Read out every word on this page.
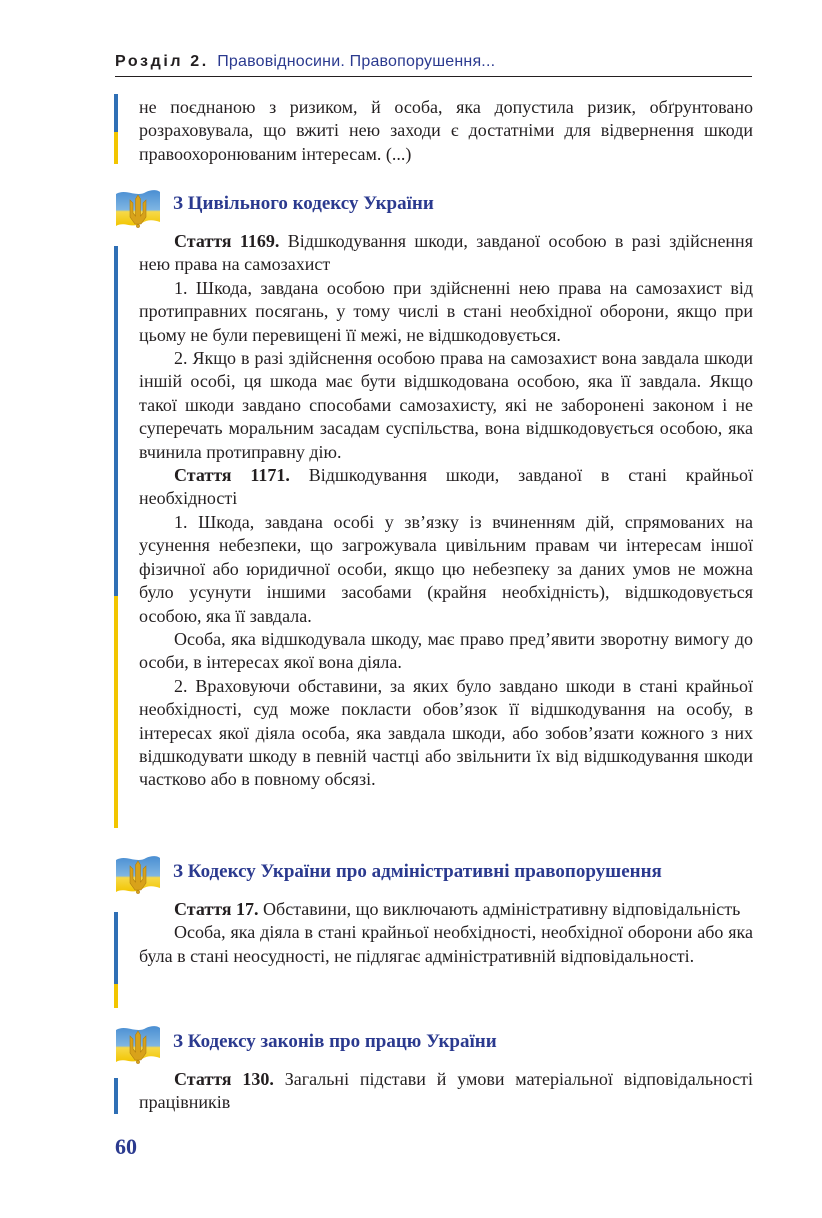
Розділ 2. Правовідносини. Правопорушення...

не поєднаною з ризиком, й особа, яка допустила ризик, обґрунтовано розраховувала, що вжиті нею заходи є достатніми для відвернення шкоди правоохоронюваним інтересам. (...)

З Цивільного кодексу України

Стаття 1169. Відшкодування шкоди, завданої особою в разі здійснення нею права на самозахист

1. Шкода, завдана особою при здійсненні нею права на самозахист від протиправних посягань, у тому числі в стані необхідної оборони, якщо при цьому не були перевищені її межі, не відшкодовується.

2. Якщо в разі здійснення особою права на самозахист вона завдала шкоди іншій особі, ця шкода має бути відшкодована особою, яка її завдала. Якщо такої шкоди завдано способами самозахисту, які не заборонені законом і не суперечать моральним засадам суспільства, вона відшкодовується особою, яка вчинила протиправну дію.

Стаття 1171. Відшкодування шкоди, завданої в стані крайньої необхідності

1. Шкода, завдана особі у зв’язку із вчиненням дій, спрямованих на усунення небезпеки, що загрожувала цивільним правам чи інтересам іншої фізичної або юридичної особи, якщо цю небезпеку за даних умов не можна було усунути іншими засобами (крайня необхідність), відшкодовується особою, яка її завдала.

Особа, яка відшкодувала шкоду, має право пред’явити зворотну вимогу до особи, в інтересах якої вона діяла.

2. Враховуючи обставини, за яких було завдано шкоди в стані крайньої необхідності, суд може покласти обов’язок її відшкодування на особу, в інтересах якої діяла особа, яка завдала шкоди, або зобов’язати кожного з них відшкодувати шкоду в певній частці або звільнити їх від відшкодування шкоди частково або в повному обсязі.

З Кодексу України про адміністративні правопорушення

Стаття 17. Обставини, що виключають адміністративну відповідальність

Особа, яка діяла в стані крайньої необхідності, необхідної оборони або яка була в стані неосудності, не підлягає адміністративній відповідальності.

З Кодексу законів про працю України

Стаття 130. Загальні підстави й умови матеріальної відповідальності працівників

60
